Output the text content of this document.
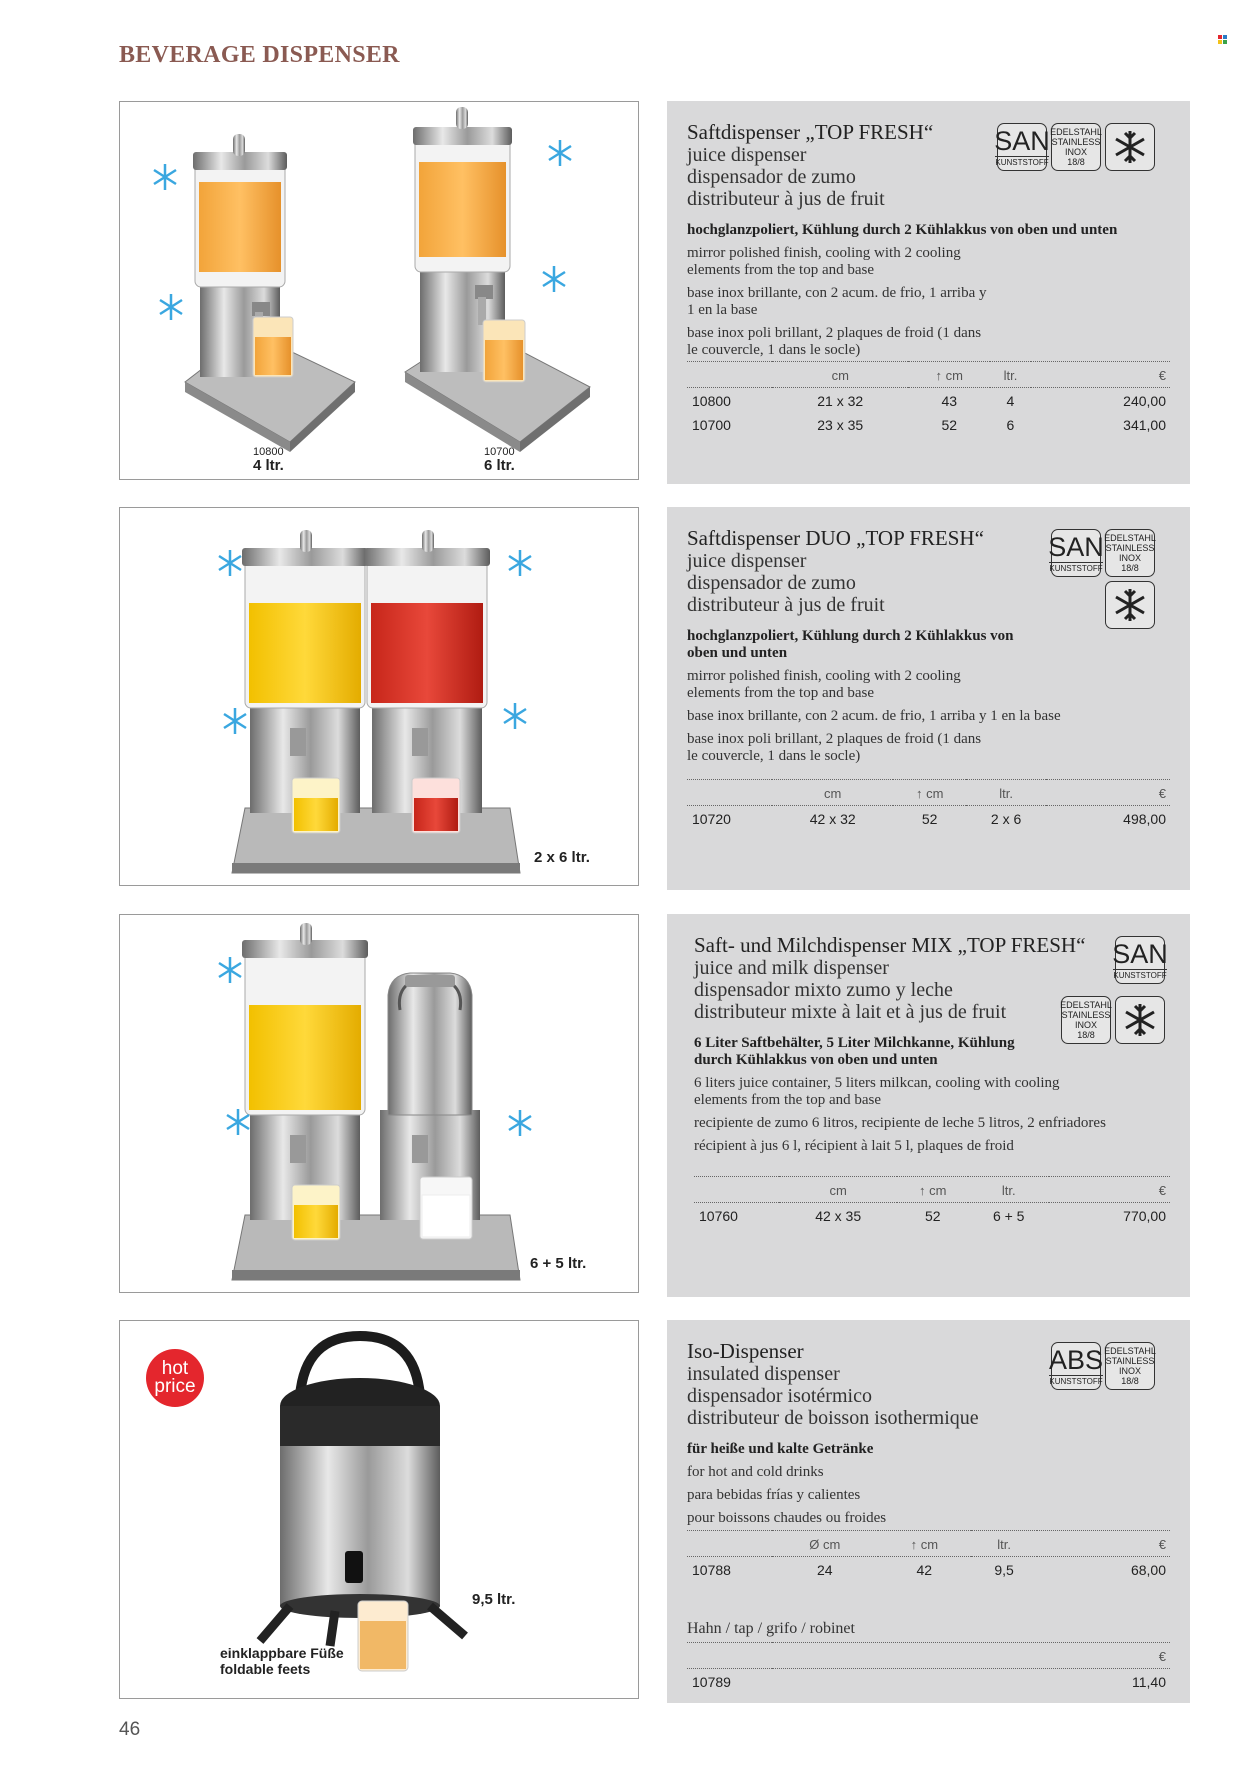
BEVERAGE DISPENSER
10800
4 ltr.
10700
6 ltr.
Saftdispenser „TOP FRESH“
juice dispenser
dispensador de zumo
distributeur à jus de fruit
hochglanzpoliert, Kühlung durch 2 Kühlakkus von oben und unten
mirror polished finish, cooling with 2 cooling elements from the top and base
base inox brillante, con 2 acum. de frio, 1 arriba y 1 en la base
base inox poli brillant, 2 plaques de froid (1 dans le couvercle, 1 dans le socle)
SAN
KUNSTSTOFF
EDELSTAHL
STAINLESS
INOX
18/8

	cm	↑ cm	ltr.	€
10800	21 x 32	43	4	240,00
10700	23 x 35	52	6	341,00
2 x 6 ltr.
Saftdispenser DUO „TOP FRESH“
juice dispenser
dispensador de zumo
distributeur à jus de fruit
hochglanzpoliert, Kühlung durch 2 Kühlakkus von oben und unten
mirror polished finish, cooling with 2 cooling elements from the top and base
base inox brillante, con 2 acum. de frio, 1 arriba y 1 en la base
base inox poli brillant, 2 plaques de froid (1 dans le couvercle, 1 dans le socle)
SAN
KUNSTSTOFF
EDELSTAHL
STAINLESS
INOX
18/8

	cm	↑ cm	ltr.	€
10720	42 x 32	52	2 x 6	498,00
6 + 5 ltr.
Saft- und Milchdispenser MIX „TOP FRESH“
juice and milk dispenser
dispensador mixto zumo y leche
distributeur mixte à lait et à jus de fruit
6 Liter Saftbehälter, 5 Liter Milchkanne, Kühlung durch Kühlakkus von oben und unten
6 liters juice container, 5 liters milkcan, cooling with cooling elements from the top and base
recipiente de zumo 6 litros, recipiente de leche 5 litros, 2 enfriadores
récipient à jus 6 l, récipient à lait 5 l, plaques de froid
SAN
KUNSTSTOFF
EDELSTAHL
STAINLESS
INOX
18/8

	cm	↑ cm	ltr.	€
10760	42 x 35	52	6 + 5	770,00
hot
price
9,5 ltr.
einklappbare Füße
foldable feets
Iso-Dispenser
insulated dispenser
dispensador isotérmico
distributeur de boisson isothermique
für heiße und kalte Getränke
for hot and cold drinks
para bebidas frías y calientes
pour boissons chaudes ou froides
ABS
KUNSTSTOFF
EDELSTAHL
STAINLESS
INOX
18/8

	Ø cm	↑ cm	ltr.	€
10788	24	42	9,5	68,00
Hahn / tap / grifo / robinet

				€
10789				11,40
46
